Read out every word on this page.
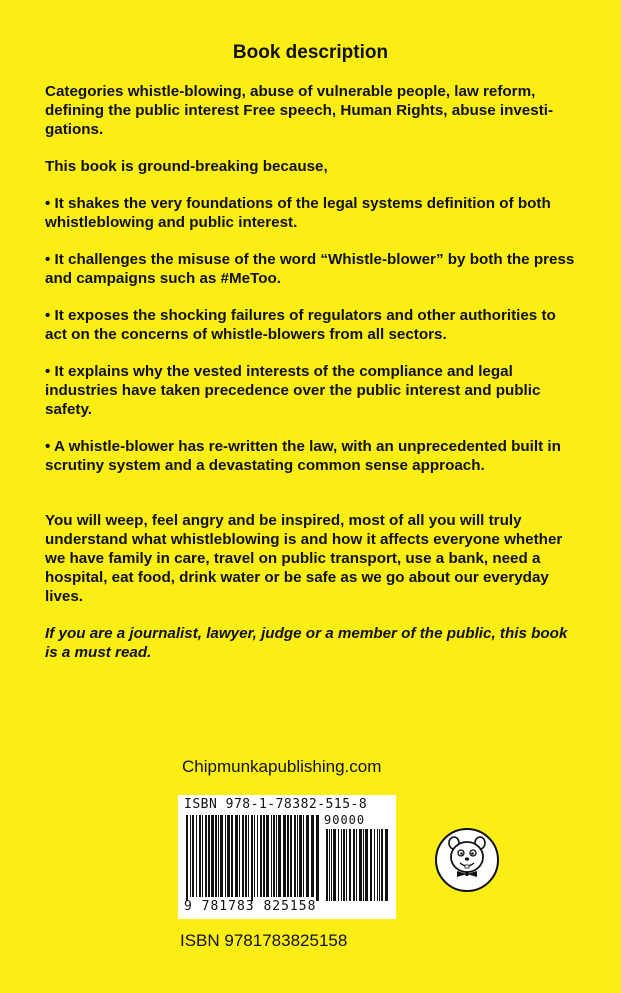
Book description

Categories whistle-blowing, abuse of vulnerable people, law reform, defining the public interest Free speech, Human Rights, abuse investi-gations.

This book is ground-breaking because,

• It shakes the very foundations of the legal systems definition of both whistleblowing and public interest.

• It challenges the misuse of the word “Whistle-blower” by both the press and campaigns such as #MeToo.

• It exposes the shocking failures of regulators and other authorities to act on the concerns of whistle-blowers from all sectors.

• It explains why the vested interests of the compliance and legal industries have taken precedence over the public interest and public safety.

• A whistle-blower has re-written the law, with an unprecedented built in scrutiny system and a devastating common sense approach.

You will weep, feel angry and be inspired, most of all you will truly understand what whistleblowing is and how it affects everyone whether we have family in care, travel on public transport, use a bank, need a hospital, eat food, drink water or be safe as we go about our everyday lives.

If you are a journalist, lawyer, judge or a member of the public, this book is a must read.

Chipmunkapublishing.com
ISBN 978-1-78382-515-8
90000
9 781783 825158
ISBN 9781783825158
